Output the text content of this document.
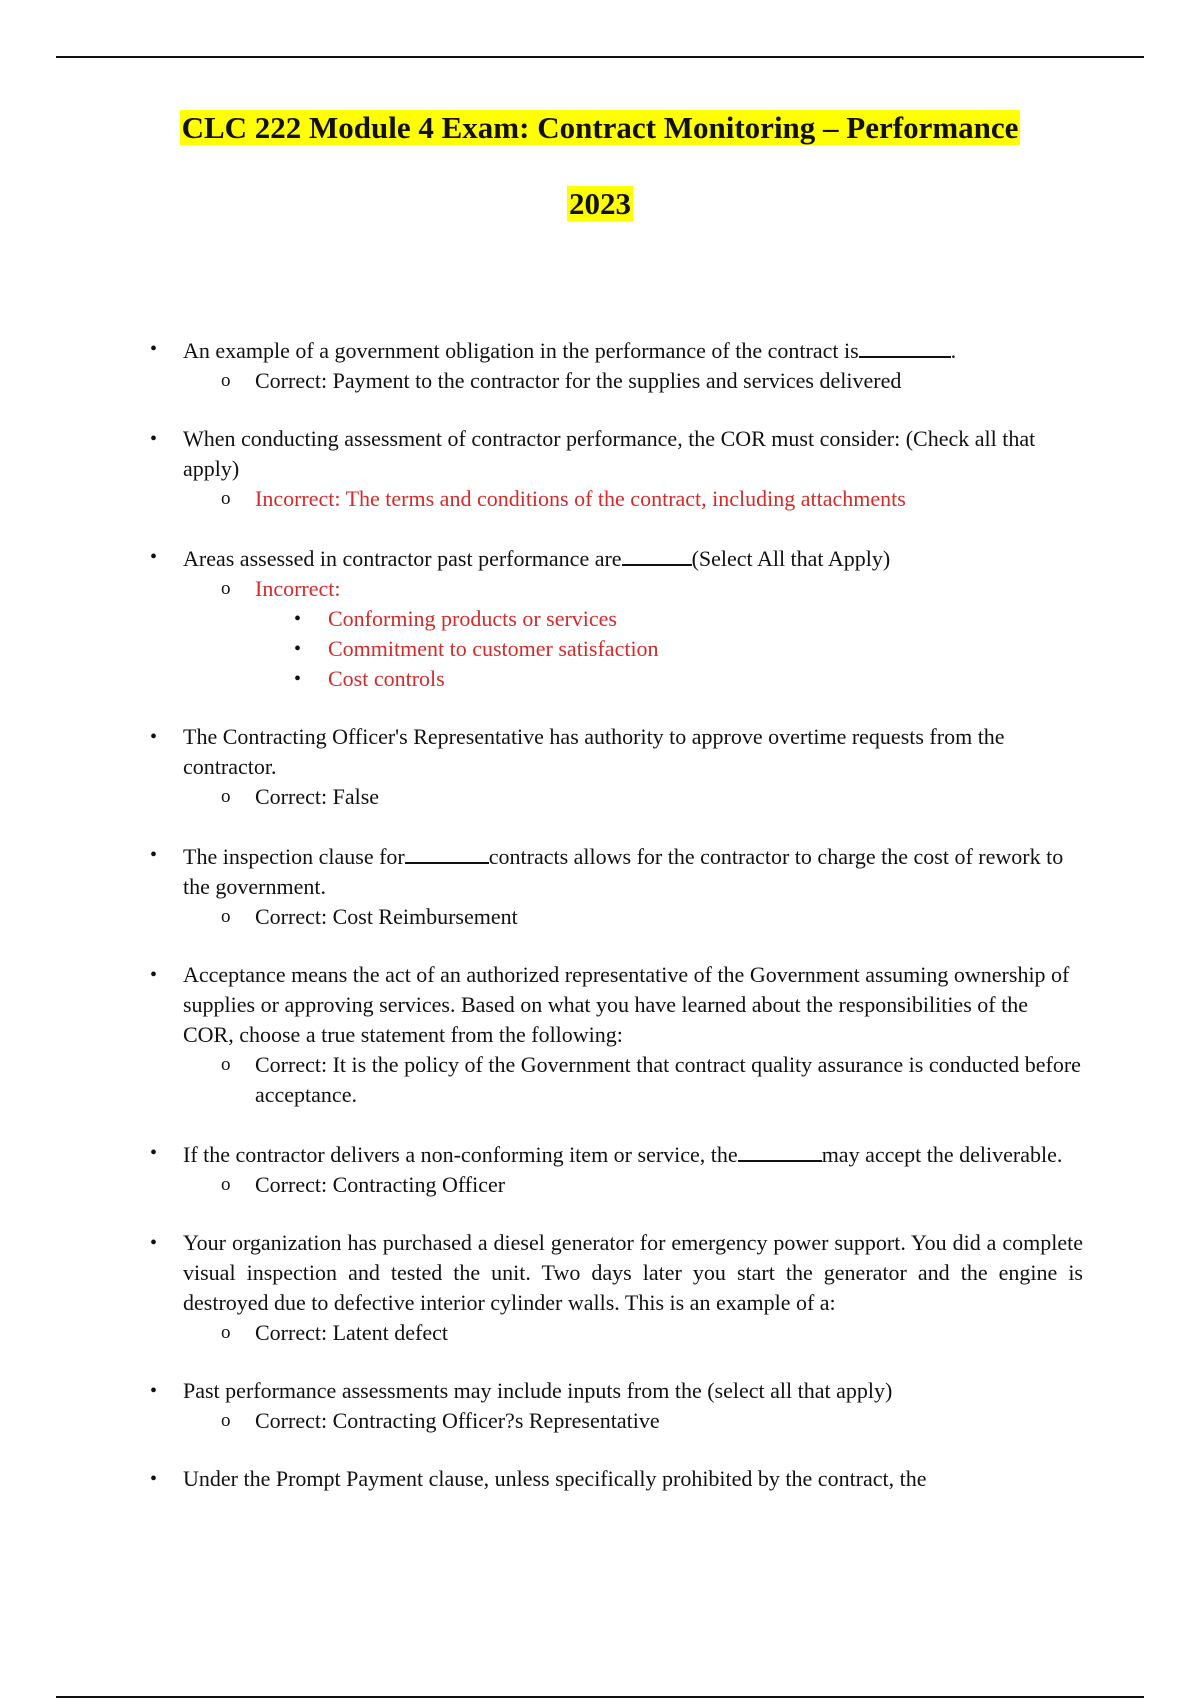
CLC 222 Module 4 Exam: Contract Monitoring – Performance
2023
• An example of a government obligation in the performance of the contract is	.
o Correct: Payment to the contractor for the supplies and services delivered
• When conducting assessment of contractor performance, the COR must consider: (Check all that apply)
o Incorrect: The terms and conditions of the contract, including attachments
• Areas assessed in contractor past performance are	(Select All that Apply)
o Incorrect:
• Conforming products or services
• Commitment to customer satisfaction
• Cost controls
• The Contracting Officer's Representative has authority to approve overtime requests from the contractor.
o Correct: False
• The inspection clause for	contracts allows for the contractor to charge the cost of rework to the government.
o Correct: Cost Reimbursement
• Acceptance means the act of an authorized representative of the Government assuming ownership of supplies or approving services. Based on what you have learned about the responsibilities of the COR, choose a true statement from the following:
o Correct: It is the policy of the Government that contract quality assurance is conducted before acceptance.
• If the contractor delivers a non-conforming item or service, the	may accept the deliverable.
o Correct: Contracting Officer
• Your organization has purchased a diesel generator for emergency power support. You did a complete visual inspection and tested the unit. Two days later you start the generator and the engine is destroyed due to defective interior cylinder walls. This is an example of a:
o Correct: Latent defect
• Past performance assessments may include inputs from the (select all that apply)
o Correct: Contracting Officer?s Representative
• Under the Prompt Payment clause, unless specifically prohibited by the contract, the
